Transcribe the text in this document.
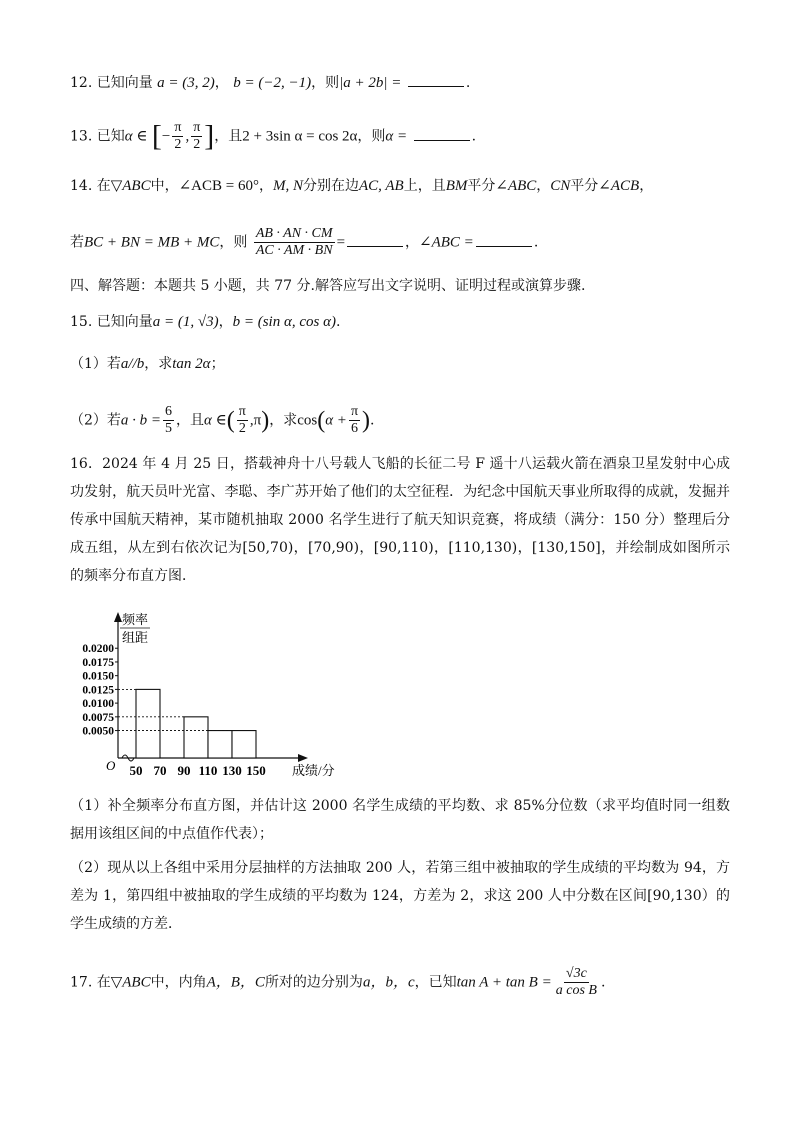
12. 已知向量 a = (3, 2)， b = (−2, −1)，则|a + 2b| =	.
13. 已知α ∈ [− $\frac{\pi}{2}$ , $\frac{\pi}{2}$ ]，且2 + 3sin α = cos 2α，则α =	.
14. 在▽ABC中，∠ACB = 60°，M, N分别在边AC, AB上，且BM平分∠ABC，CN平分∠ACB，
若BC + BN = MB + MC，则 $\frac{AB \cdot AN \cdot CM}{AC \cdot AM \cdot BN}$ =	，∠ABC =	.
四、解答题：本题共 5 小题，共 77 分.解答应写出文字说明、证明过程或演算步骤.
15. 已知向量a = (1, √3)，b = (sin α, cos α).
（1）若a//b，求tan 2α；
（2）若$a \cdot b = \frac{6}{5}$ ，且α ∈( $\frac{\pi}{2} ,\pi$)，求$\cos(\alpha + \frac{\pi}{6}$ ).
16．2024 年 4 月 25 日，搭载神舟十八号载人飞船的长征二号 F 遥十八运载火箭在酒泉卫星发射中心成功发射，航天员叶光富、李聪、李广苏开始了他们的太空征程．为纪念中国航天事业所取得的成就，发掘并传承中国航天精神，某市随机抽取 2000 名学生进行了航天知识竞赛，将成绩（满分：150 分）整理后分成五组，从左到右依次记为[50,70)，[70,90)，[90,110)，[110,130)，[130,150]，并绘制成如图所示的频率分布直方图．
频率
组距
0.0200
0.0175
0.0150
0.0125
0.0100
0.0075
0.0050
O 50 70 90 110 130 150 成绩/分
（1）补全频率分布直方图，并估计这 2000 名学生成绩的平均数、求 85%分位数（求平均值时同一组数据用该组区间的中点值作代表）；
（2）现从以上各组中采用分层抽样的方法抽取 200 人，若第三组中被抽取的学生成绩的平均数为 94，方差为 1，第四组中被抽取的学生成绩的平均数为 124，方差为 2，求这 200 人中分数在区间[90,130）的学生成绩的方差．
17. 在▽ABC中，内角A，B，C所对的边分别为a，b，c，已知$\tan A + \tan B = \frac{√3c}{\text{a cos B}}$ .
